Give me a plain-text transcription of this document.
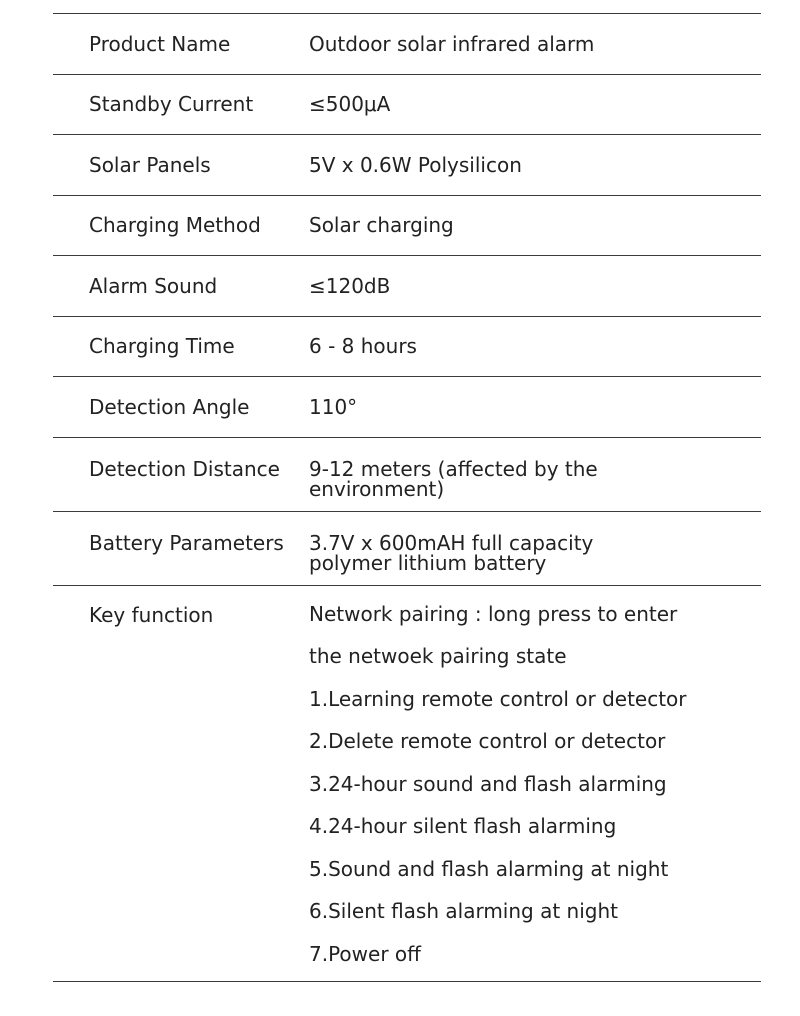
Product Name	Outdoor solar infrared alarm
Standby Current	≤500μA
Solar Panels	5V x 0.6W Polysilicon
Charging Method	Solar charging
Alarm Sound	≤120dB
Charging Time	6 - 8 hours
Detection Angle	110°
Detection Distance	9-12 meters (affected by the
environment)
Battery Parameters	3.7V x 600mAH full capacity
polymer lithium battery
Key function	Network pairing : long press to enter
the netwoek pairing state
1.Learning remote control or detector
2.Delete remote control or detector
3.24-hour sound and flash alarming
4.24-hour silent flash alarming
5.Sound and flash alarming at night
6.Silent flash alarming at night
7.Power off
